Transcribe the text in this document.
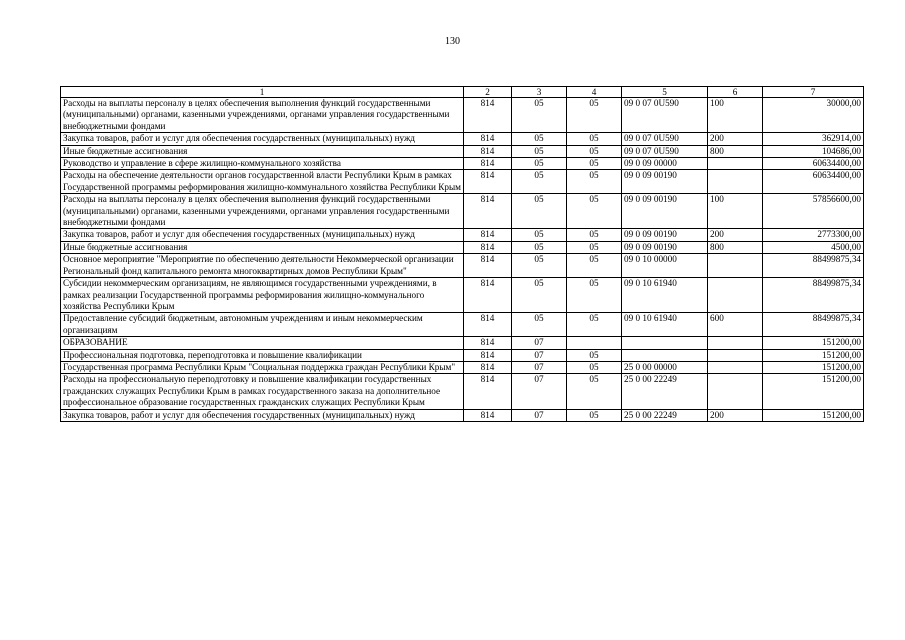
130
1	2	3	4	5	6	7
Расходы на выплаты персоналу в целях обеспечения выполнения функций государственными (муниципальными) органами, казенными учреждениями, органами управления государственными внебюджетными фондами	814	05	05	09 0 07 0U590	100	30000,00
Закупка товаров, работ и услуг для обеспечения государственных (муниципальных) нужд	814	05	05	09 0 07 0U590	200	362914,00
Иные бюджетные ассигнования	814	05	05	09 0 07 0U590	800	104686,00
Руководство и управление в сфере жилищно-коммунального хозяйства	814	05	05	09 0 09 00000		60634400,00
Расходы на обеспечение деятельности органов государственной власти Республики Крым в рамках Государственной программы реформирования жилищно-коммунального хозяйства Республики Крым	814	05	05	09 0 09 00190		60634400,00
Расходы на выплаты персоналу в целях обеспечения выполнения функций государственными (муниципальными) органами, казенными учреждениями, органами управления государственными внебюджетными фондами	814	05	05	09 0 09 00190	100	57856600,00
Закупка товаров, работ и услуг для обеспечения государственных (муниципальных) нужд	814	05	05	09 0 09 00190	200	2773300,00
Иные бюджетные ассигнования	814	05	05	09 0 09 00190	800	4500,00
Основное мероприятие "Мероприятие по обеспечению деятельности Некоммерческой организации Региональный фонд капитального ремонта многоквартирных домов Республики Крым"	814	05	05	09 0 10 00000		88499875,34
Субсидии некоммерческим организациям, не являющимся государственными учреждениями, в рамках реализации Государственной программы реформирования жилищно-коммунального хозяйства Республики Крым	814	05	05	09 0 10 61940		88499875,34
Предоставление субсидий бюджетным, автономным учреждениям и иным некоммерческим организациям	814	05	05	09 0 10 61940	600	88499875,34
ОБРАЗОВАНИЕ	814	07				151200,00
Профессиональная подготовка, переподготовка и повышение квалификации	814	07	05			151200,00
Государственная программа Республики Крым "Социальная поддержка граждан Республики Крым"	814	07	05	25 0 00 00000		151200,00
Расходы на профессиональную переподготовку и повышение квалификации государственных гражданских служащих Республики Крым в рамках государственного заказа на дополнительное профессиональное образование государственных гражданских служащих Республики Крым	814	07	05	25 0 00 22249		151200,00
Закупка товаров, работ и услуг для обеспечения государственных (муниципальных) нужд	814	07	05	25 0 00 22249	200	151200,00
